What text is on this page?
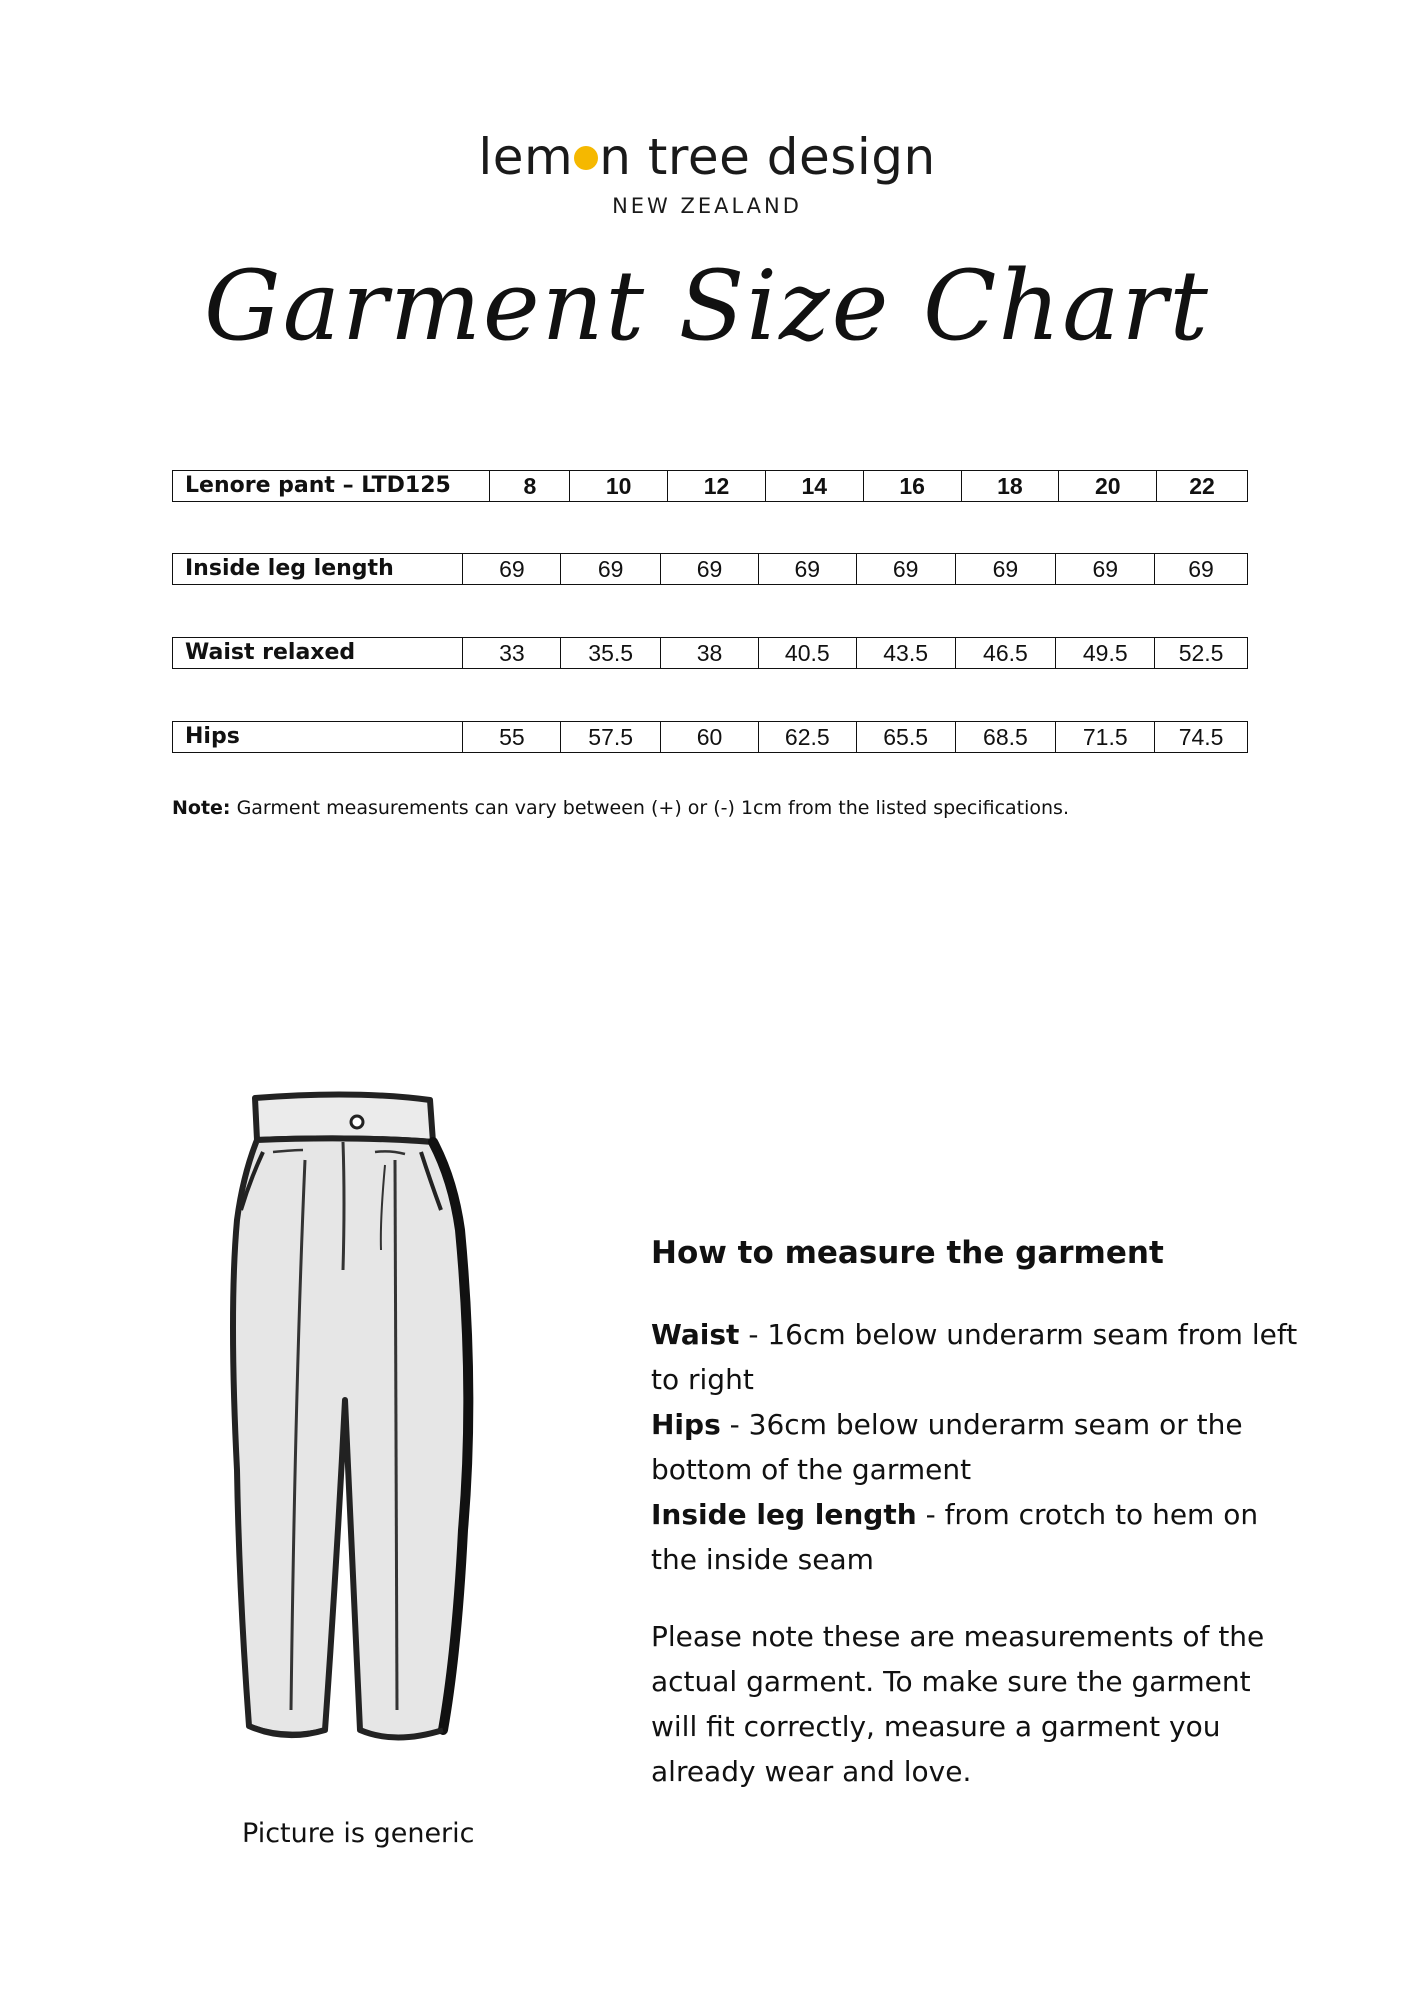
lem n tree design
NEW ZEALAND
Garment Size Chart
Lenore pant – LTD125	8	10	12	14	16	18	20	22
Inside leg length	69	69	69	69	69	69	69	69
Waist relaxed	33	35.5	38	40.5	43.5	46.5	49.5	52.5
Hips	55	57.5	60	62.5	65.5	68.5	71.5	74.5
Note: Garment measurements can vary between (+) or (-) 1cm from the listed specifications.
Picture is generic
How to measure the garment

Waist - 16cm below underarm seam from left to right

Hips - 36cm below underarm seam or the bottom of the garment

Inside leg length - from crotch to hem on the inside seam

Please note these are measurements of the actual garment. To make sure the garment will fit correctly, measure a garment you already wear and love.
